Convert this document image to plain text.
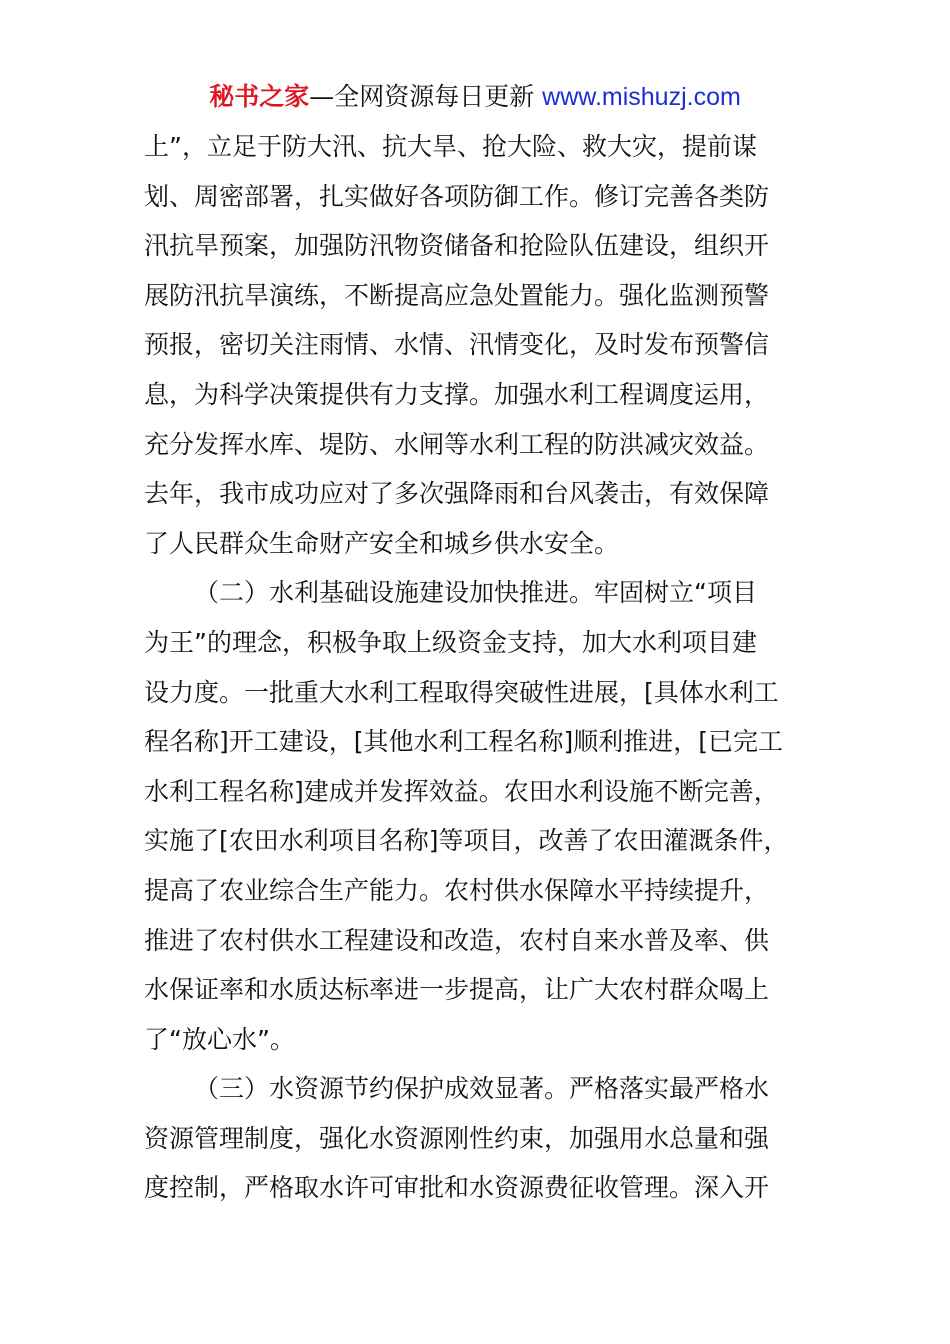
秘书之家—全网资源每日更新 www.mishuzj.com
上”，立足于防大汛、抗大旱、抢大险、救大灾，提前谋
划、周密部署，扎实做好各项防御工作。修订完善各类防
汛抗旱预案，加强防汛物资储备和抢险队伍建设，组织开
展防汛抗旱演练，不断提高应急处置能力。强化监测预警
预报，密切关注雨情、水情、汛情变化，及时发布预警信
息，为科学决策提供有力支撑。加强水利工程调度运用，
充分发挥水库、堤防、水闸等水利工程的防洪减灾效益。
去年，我市成功应对了多次强降雨和台风袭击，有效保障
了人民群众生命财产安全和城乡供水安全。
（二）水利基础设施建设加快推进。牢固树立“项目
为王”的理念，积极争取上级资金支持，加大水利项目建
设力度。一批重大水利工程取得突破性进展，[具体水利工
程名称]开工建设，[其他水利工程名称]顺利推进，[已完工
水利工程名称]建成并发挥效益。农田水利设施不断完善，
实施了[农田水利项目名称]等项目，改善了农田灌溉条件，
提高了农业综合生产能力。农村供水保障水平持续提升，
推进了农村供水工程建设和改造，农村自来水普及率、供
水保证率和水质达标率进一步提高，让广大农村群众喝上
了“放心水”。
（三）水资源节约保护成效显著。严格落实最严格水
资源管理制度，强化水资源刚性约束，加强用水总量和强
度控制，严格取水许可审批和水资源费征收管理。深入开
